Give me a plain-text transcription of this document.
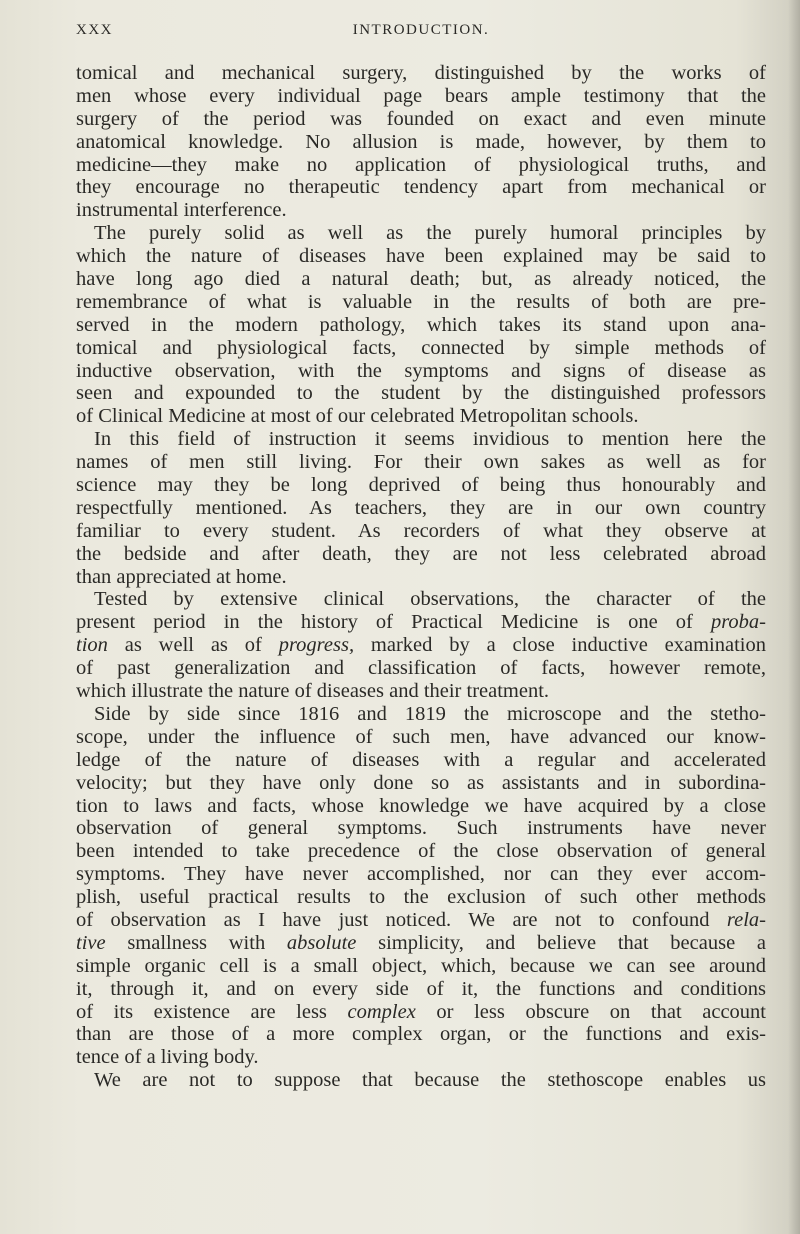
XXX	INTRODUCTION.
tomical and mechanical surgery, distinguished by the works of
men whose every individual page bears ample testimony that the
surgery of the period was founded on exact and even minute
anatomical knowledge. No allusion is made, however, by them to
medicine—they make no application of physiological truths, and
they encourage no therapeutic tendency apart from mechanical or
instrumental interference.
The purely solid as well as the purely humoral principles by
which the nature of diseases have been explained may be said to
have long ago died a natural death; but, as already noticed, the
remembrance of what is valuable in the results of both are pre-
served in the modern pathology, which takes its stand upon ana-
tomical and physiological facts, connected by simple methods of
inductive observation, with the symptoms and signs of disease as
seen and expounded to the student by the distinguished professors
of Clinical Medicine at most of our celebrated Metropolitan schools.
In this field of instruction it seems invidious to mention here the
names of men still living. For their own sakes as well as for
science may they be long deprived of being thus honourably and
respectfully mentioned. As teachers, they are in our own country
familiar to every student. As recorders of what they observe at
the bedside and after death, they are not less celebrated abroad
than appreciated at home.
Tested by extensive clinical observations, the character of the
present period in the history of Practical Medicine is one of proba-
tion as well as of progress, marked by a close inductive examination
of past generalization and classification of facts, however remote,
which illustrate the nature of diseases and their treatment.
Side by side since 1816 and 1819 the microscope and the stetho-
scope, under the influence of such men, have advanced our know-
ledge of the nature of diseases with a regular and accelerated
velocity; but they have only done so as assistants and in subordina-
tion to laws and facts, whose knowledge we have acquired by a close
observation of general symptoms. Such instruments have never
been intended to take precedence of the close observation of general
symptoms. They have never accomplished, nor can they ever accom-
plish, useful practical results to the exclusion of such other methods
of observation as I have just noticed. We are not to confound rela-
tive smallness with absolute simplicity, and believe that because a
simple organic cell is a small object, which, because we can see around
it, through it, and on every side of it, the functions and conditions
of its existence are less complex or less obscure on that account
than are those of a more complex organ, or the functions and exis-
tence of a living body.
We are not to suppose that because the stethoscope enables us
